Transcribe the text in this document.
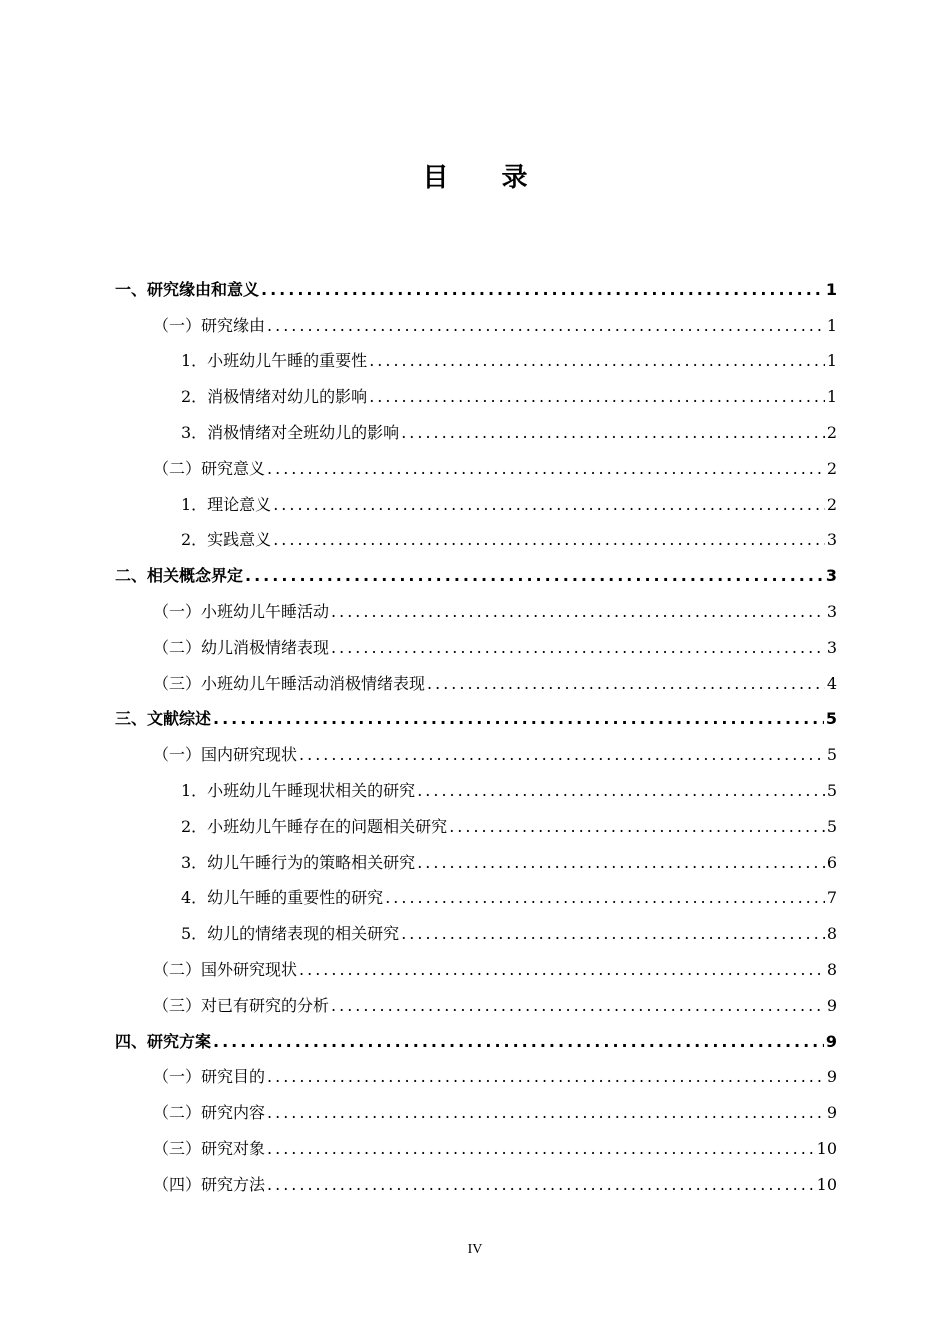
目 录
一、研究缘由和意义 .....	1
（一）研究缘由 .....	1
1．小班幼儿午睡的重要性 .....	1
2．消极情绪对幼儿的影响 .....	1
3．消极情绪对全班幼儿的影响 .....	2
（二）研究意义 .....	2
1．理论意义 .....	2
2．实践意义 .....	3
二、相关概念界定 .....	3
（一）小班幼儿午睡活动 .....	3
（二）幼儿消极情绪表现 .....	3
（三）小班幼儿午睡活动消极情绪表现 .....	4
三、文献综述 .....	5
（一）国内研究现状 .....	5
1．小班幼儿午睡现状相关的研究 .....	5
2．小班幼儿午睡存在的问题相关研究 .....	5
3．幼儿午睡行为的策略相关研究 .....	6
4．幼儿午睡的重要性的研究 .....	7
5．幼儿的情绪表现的相关研究 .....	8
（二）国外研究现状 .....	8
（三）对已有研究的分析 .....	9
四、研究方案 .....	9
（一）研究目的 .....	9
（二）研究内容 .....	9
（三）研究对象 .....	10
（四）研究方法 .....	10
IV
